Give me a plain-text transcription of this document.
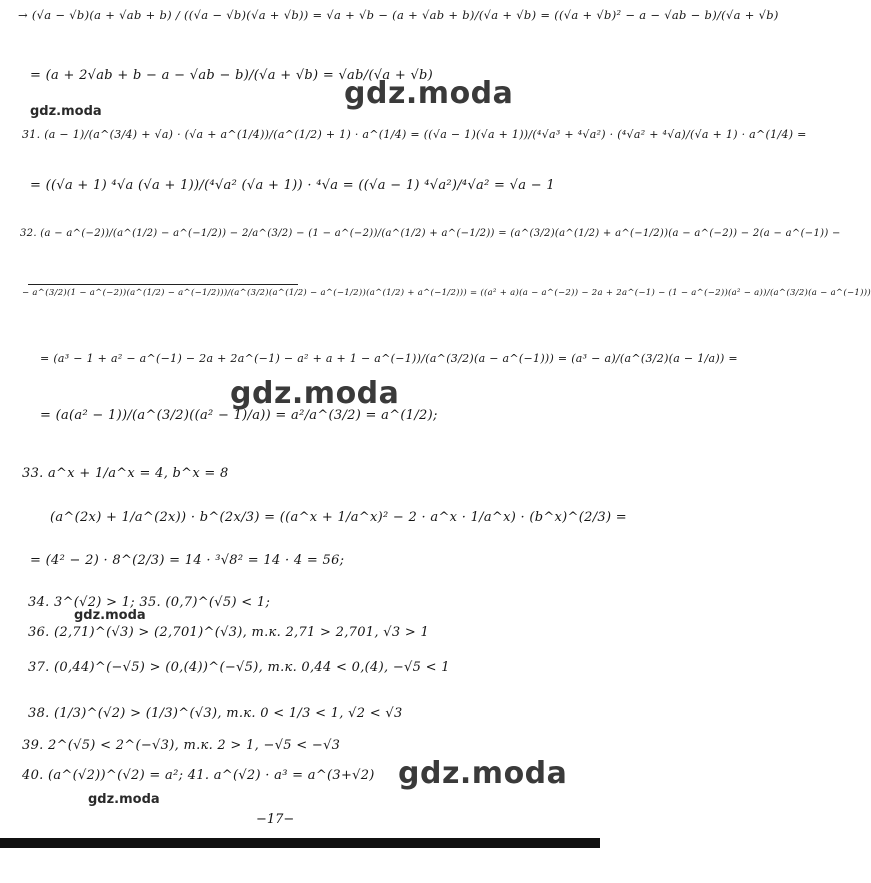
→ (√a − √b)(a + √ab + b) / ((√a − √b)(√a + √b)) = √a + √b − (a + √ab + b)/(√a + √b) = ((√a + √b)² − a − √ab − b)/(√a + √b)
= (a + 2√ab + b − a − √ab − b)/(√a + √b) = √ab/(√a + √b)
31. (a − 1)/(a^(3/4) + √a) · (√a + a^(1/4))/(a^(1/2) + 1) · a^(1/4) = ((√a − 1)(√a + 1))/(⁴√a³ + ⁴√a²) · (⁴√a² + ⁴√a)/(√a + 1) · a^(1/4) =
= ((√a + 1) ⁴√a (√a + 1))/(⁴√a² (√a + 1)) · ⁴√a = ((√a − 1) ⁴√a²)/⁴√a² = √a − 1
32. (a − a^(−2))/(a^(1/2) − a^(−1/2)) − 2/a^(3/2) − (1 − a^(−2))/(a^(1/2) + a^(−1/2)) = (a^(3/2)(a^(1/2) + a^(−1/2))(a − a^(−2)) − 2(a − a^(−1)) −
− a^(3/2)(1 − a^(−2))(a^(1/2) − a^(−1/2)))/(a^(3/2)(a^(1/2) − a^(−1/2))(a^(1/2) + a^(−1/2))) = ((a² + a)(a − a^(−2)) − 2a + 2a^(−1) − (1 − a^(−2))(a² − a))/(a^(3/2)(a − a^(−1)))
= (a³ − 1 + a² − a^(−1) − 2a + 2a^(−1) − a² + a + 1 − a^(−1))/(a^(3/2)(a − a^(−1))) = (a³ − a)/(a^(3/2)(a − 1/a)) =
= (a(a² − 1))/(a^(3/2)((a² − 1)/a)) = a²/a^(3/2) = a^(1/2);
33. a^x + 1/a^x = 4, b^x = 8
(a^(2x) + 1/a^(2x)) · b^(2x/3) = ((a^x + 1/a^x)² − 2 · a^x · 1/a^x) · (b^x)^(2/3) =
= (4² − 2) · 8^(2/3) = 14 · ³√8² = 14 · 4 = 56;
34. 3^(√2) > 1; 35. (0,7)^(√5) < 1;
36. (2,71)^(√3) > (2,701)^(√3), т.к. 2,71 > 2,701, √3 > 1
37. (0,44)^(−√5) > (0,(4))^(−√5), т.к. 0,44 < 0,(4), −√5 < 1
38. (1/3)^(√2) > (1/3)^(√3), т.к. 0 < 1/3 < 1, √2 < √3
39. 2^(√5) < 2^(−√3), т.к. 2 > 1, −√5 < −√3
40. (a^(√2))^(√2) = a²; 41. a^(√2) · a³ = a^(3+√2)
−17−
gdz.moda
gdz.moda
gdz.moda
gdz.moda
gdz.moda
gdz.moda
